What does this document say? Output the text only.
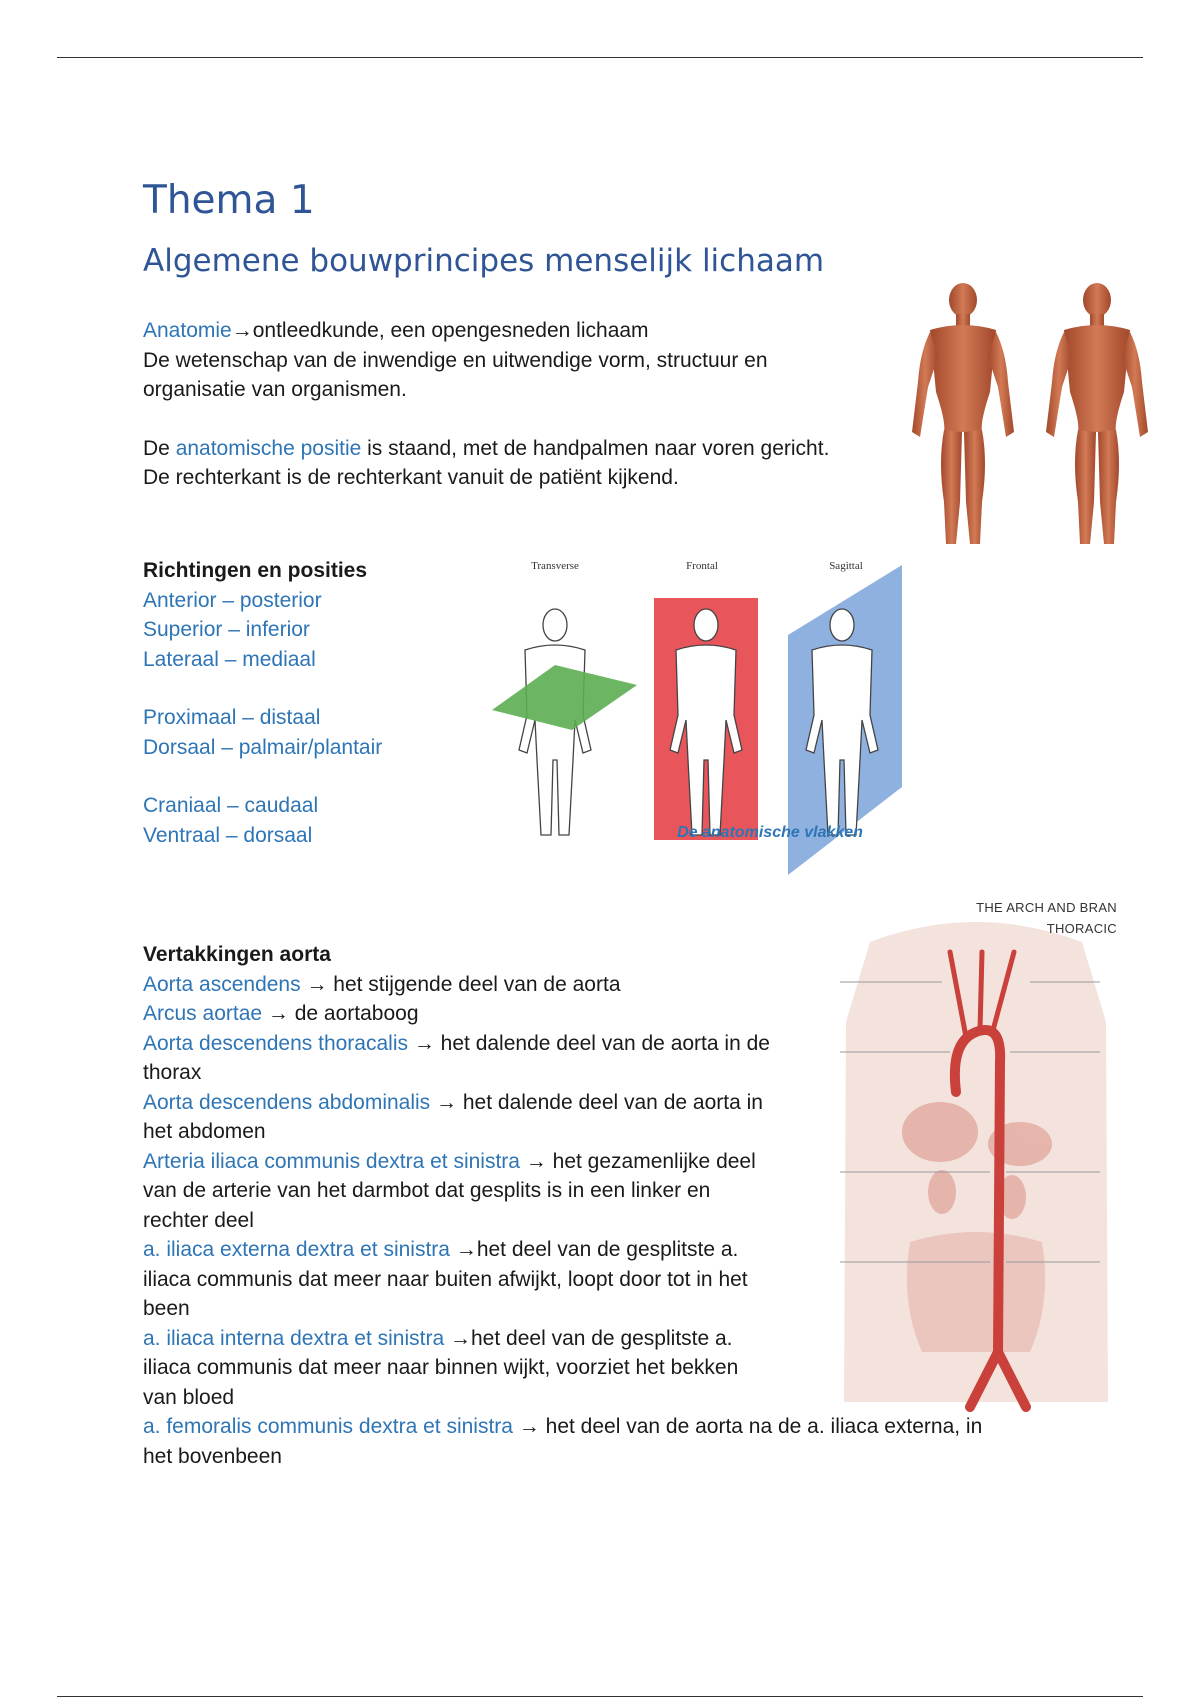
Thema 1
Algemene bouwprincipes menselijk lichaam

Anatomie→ontleedkunde, een opengesneden lichaam

De wetenschap van de inwendige en uitwendige vorm, structuur en

organisatie van organismen.

De anatomische positie is staand, met de handpalmen naar voren gericht.

De rechterkant is de rechterkant vanuit de patiënt kijkend.

Richtingen en posities

Anterior – posterior

Superior – inferior

Lateraal – mediaal

Proximaal – distaal

Dorsaal – palmair/plantair

Craniaal – caudaal

Ventraal – dorsaal

Transverse	Frontal	Sagittal
De anatomische vlakken
THE ARCH AND BRAN
THORACIC

Vertakkingen aorta

Aorta ascendens → het stijgende deel van de aorta

Arcus aortae → de aortaboog

Aorta descendens thoracalis → het dalende deel van de aorta in de

thorax

Aorta descendens abdominalis → het dalende deel van de aorta in

het abdomen

Arteria iliaca communis dextra et sinistra → het gezamenlijke deel

van de arterie van het darmbot dat gesplits is in een linker en

rechter deel

a. iliaca externa dextra et sinistra →het deel van de gesplitste a.

iliaca communis dat meer naar buiten afwijkt, loopt door tot in het

been

a. iliaca interna dextra et sinistra →het deel van de gesplitste a.

iliaca communis dat meer naar binnen wijkt, voorziet het bekken

van bloed

a. femoralis communis dextra et sinistra → het deel van de aorta na de a. iliaca externa, in

het bovenbeen
